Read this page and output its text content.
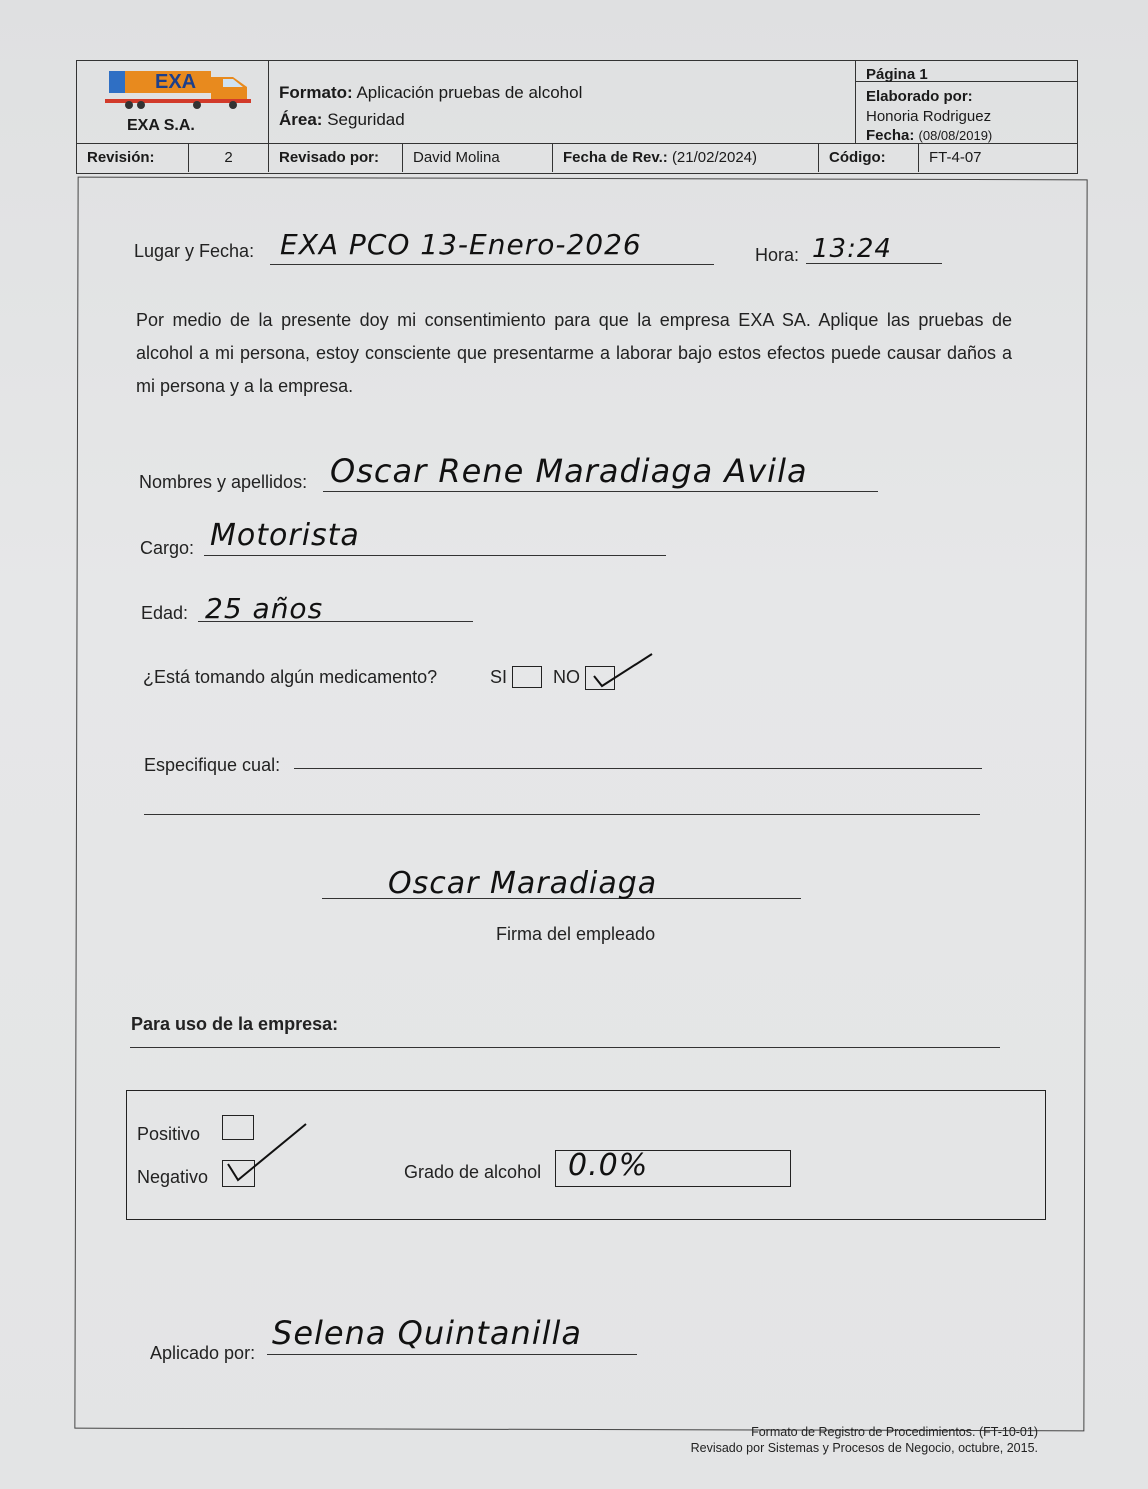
EXA
EXA S.A.
Formato: Aplicación pruebas de alcohol
Área: Seguridad
Página 1
Elaborado por:
Honoria Rodriguez
Fecha: (08/08/2019)
Revisión:	2	Revisado por:	David Molina	Fecha de Rev.: (21/02/2024)	Código:	FT-4-07
Lugar y Fecha: EXA PCO 13-Enero-2026	Hora: 13:24
Por medio de la presente doy mi consentimiento para que la empresa EXA SA. Aplique las pruebas de alcohol a mi persona, estoy consciente que presentarme a laborar bajo estos efectos puede causar daños a mi persona y a la empresa.
Nombres y apellidos: Oscar Rene Maradiaga Avila
Cargo: Motorista
Edad: 25 años
¿Está tomando algún medicamento?	SI	NO
Especifique cual:
Oscar Maradiaga
Firma del empleado
Para uso de la empresa:
Positivo
Negativo	Grado de alcohol 0.0%
Aplicado por:
Selena Quintanilla
Formato de Registro de Procedimientos. (FT-10-01)
Revisado por Sistemas y Procesos de Negocio, octubre, 2015.
